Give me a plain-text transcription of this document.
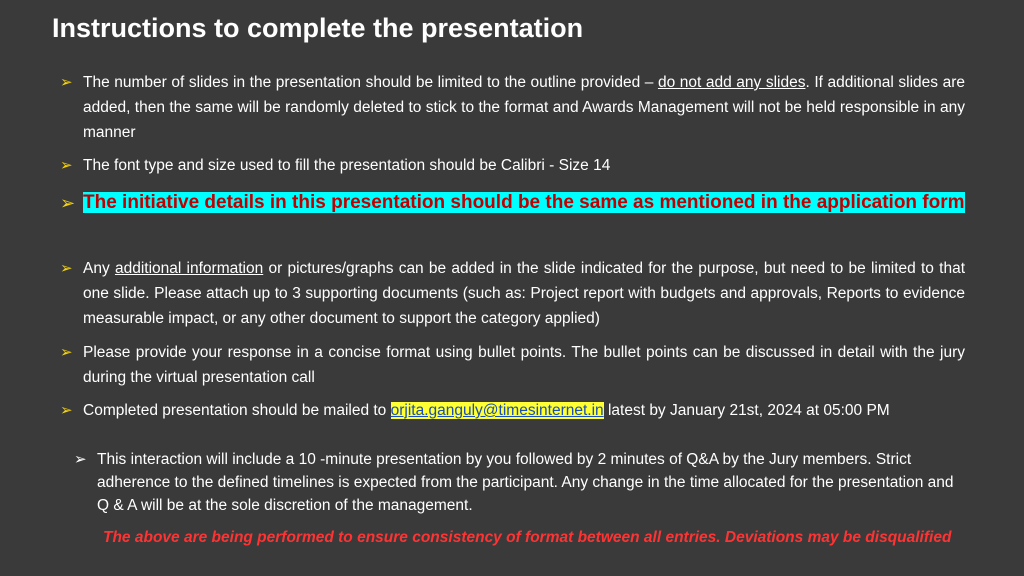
Instructions to complete the presentation
➢ The number of slides in the presentation should be limited to the outline provided – do not add any slides. If additional slides are added, then the same will be randomly deleted to stick to the format and Awards Management will not be held responsible in any manner
➢ The font type and size used to fill the presentation should be Calibri - Size 14
➢ The initiative details in this presentation should be the same as mentioned in the application form
➢ Any additional information or pictures/graphs can be added in the slide indicated for the purpose, but need to be limited to that one slide. Please attach up to 3 supporting documents (such as: Project report with budgets and approvals, Reports to evidence measurable impact, or any other document to support the category applied)
➢ Please provide your response in a concise format using bullet points. The bullet points can be discussed in detail with the jury during the virtual presentation call
➢ Completed presentation should be mailed to orjita.ganguly@timesinternet.in latest by January 21st, 2024 at 05:00 PM
➢ This interaction will include a 10 -minute presentation by you followed by 2 minutes of Q&A by the Jury members. Strict adherence to the defined timelines is expected from the participant. Any change in the time allocated for the presentation and Q & A will be at the sole discretion of the management.
The above are being performed to ensure consistency of format between all entries. Deviations may be disqualified
